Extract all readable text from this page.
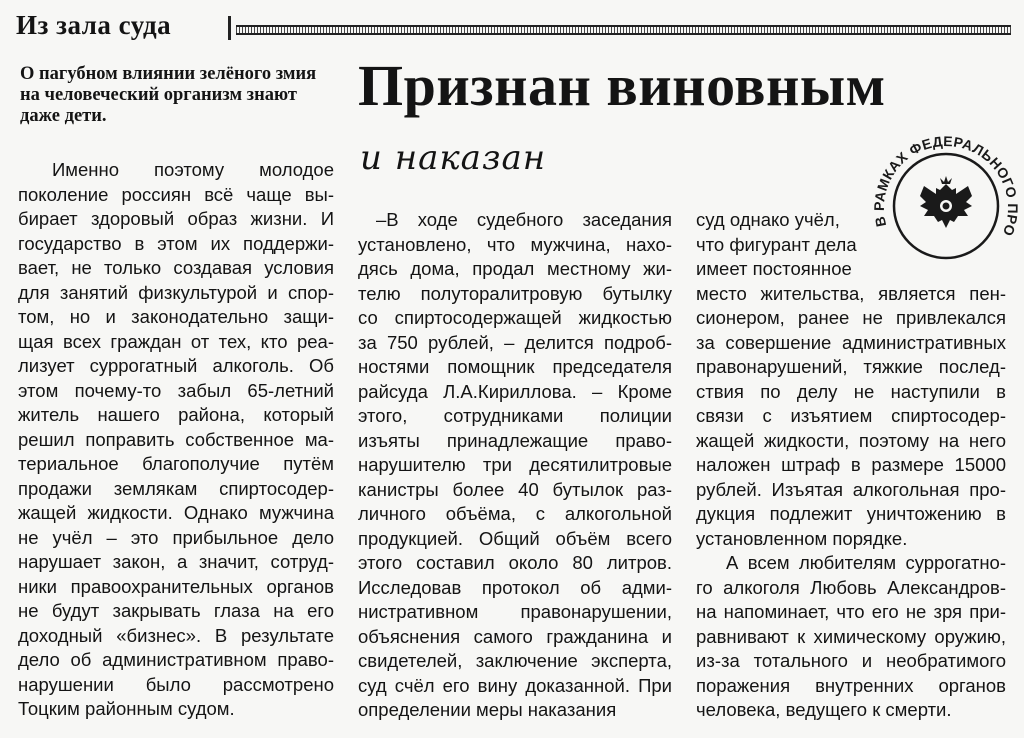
Из зала суда
О пагубном влиянии зелёного змия на человеческий организм знают даже дети.	Признан виновным
и наказан
В РАМКАХ ФЕДЕРАЛЬНОГО ПРО
Именно поэтому молодое
поколение россиян всё чаще вы-
бирает здоровый образ жизни. И
государство в этом их поддержи-
вает, не только создавая условия
для занятий физкультурой и спор-
том, но и законодательно защи-
щая всех граждан от тех, кто реа-
лизует суррогатный алкоголь. Об
этом почему-то забыл 65-летний
житель нашего района, который
решил поправить собственное ма-
териальное благополучие путём
продажи землякам спиртосодер-
жащей жидкости. Однако мужчина
не учёл – это прибыльное дело
нарушает закон, а значит, сотруд-
ники правоохранительных органов
не будут закрывать глаза на его
доходный «бизнес». В результате
дело об административном право-
нарушении было рассмотрено
Тоцким районным судом.
–В ходе судебного заседания
установлено, что мужчина, нахо-
дясь дома, продал местному жи-
телю полуторалитровую бутылку
со спиртосодержащей жидкостью
за 750 рублей, – делится подроб-
ностями помощник председателя
райсуда Л.А.Кириллова. – Кроме
этого, сотрудниками полиции
изъяты принадлежащие право-
нарушителю три десятилитровые
канистры более 40 бутылок раз-
личного объёма, с алкогольной
продукцией. Общий объём всего
этого составил около 80 литров.
Исследовав протокол об адми-
нистративном правонарушении,
объяснения самого гражданина и
свидетелей, заключение эксперта,
суд счёл его вину доказанной. При
определении меры наказания
суд однако учёл,
что фигурант дела
имеет постоянное
место жительства, является пен-
сионером, ранее не привлекался
за совершение административных
правонарушений, тяжкие послед-
ствия по делу не наступили в
связи с изъятием спиртосодер-
жащей жидкости, поэтому на него
наложен штраф в размере 15000
рублей. Изъятая алкогольная про-
дукция подлежит уничтожению в
установленном порядке.
А всем любителям суррогатно-
го алкоголя Любовь Александров-
на напоминает, что его не зря при-
равнивают к химическому оружию,
из-за тотального и необратимого
поражения внутренних органов
человека, ведущего к смерти.
